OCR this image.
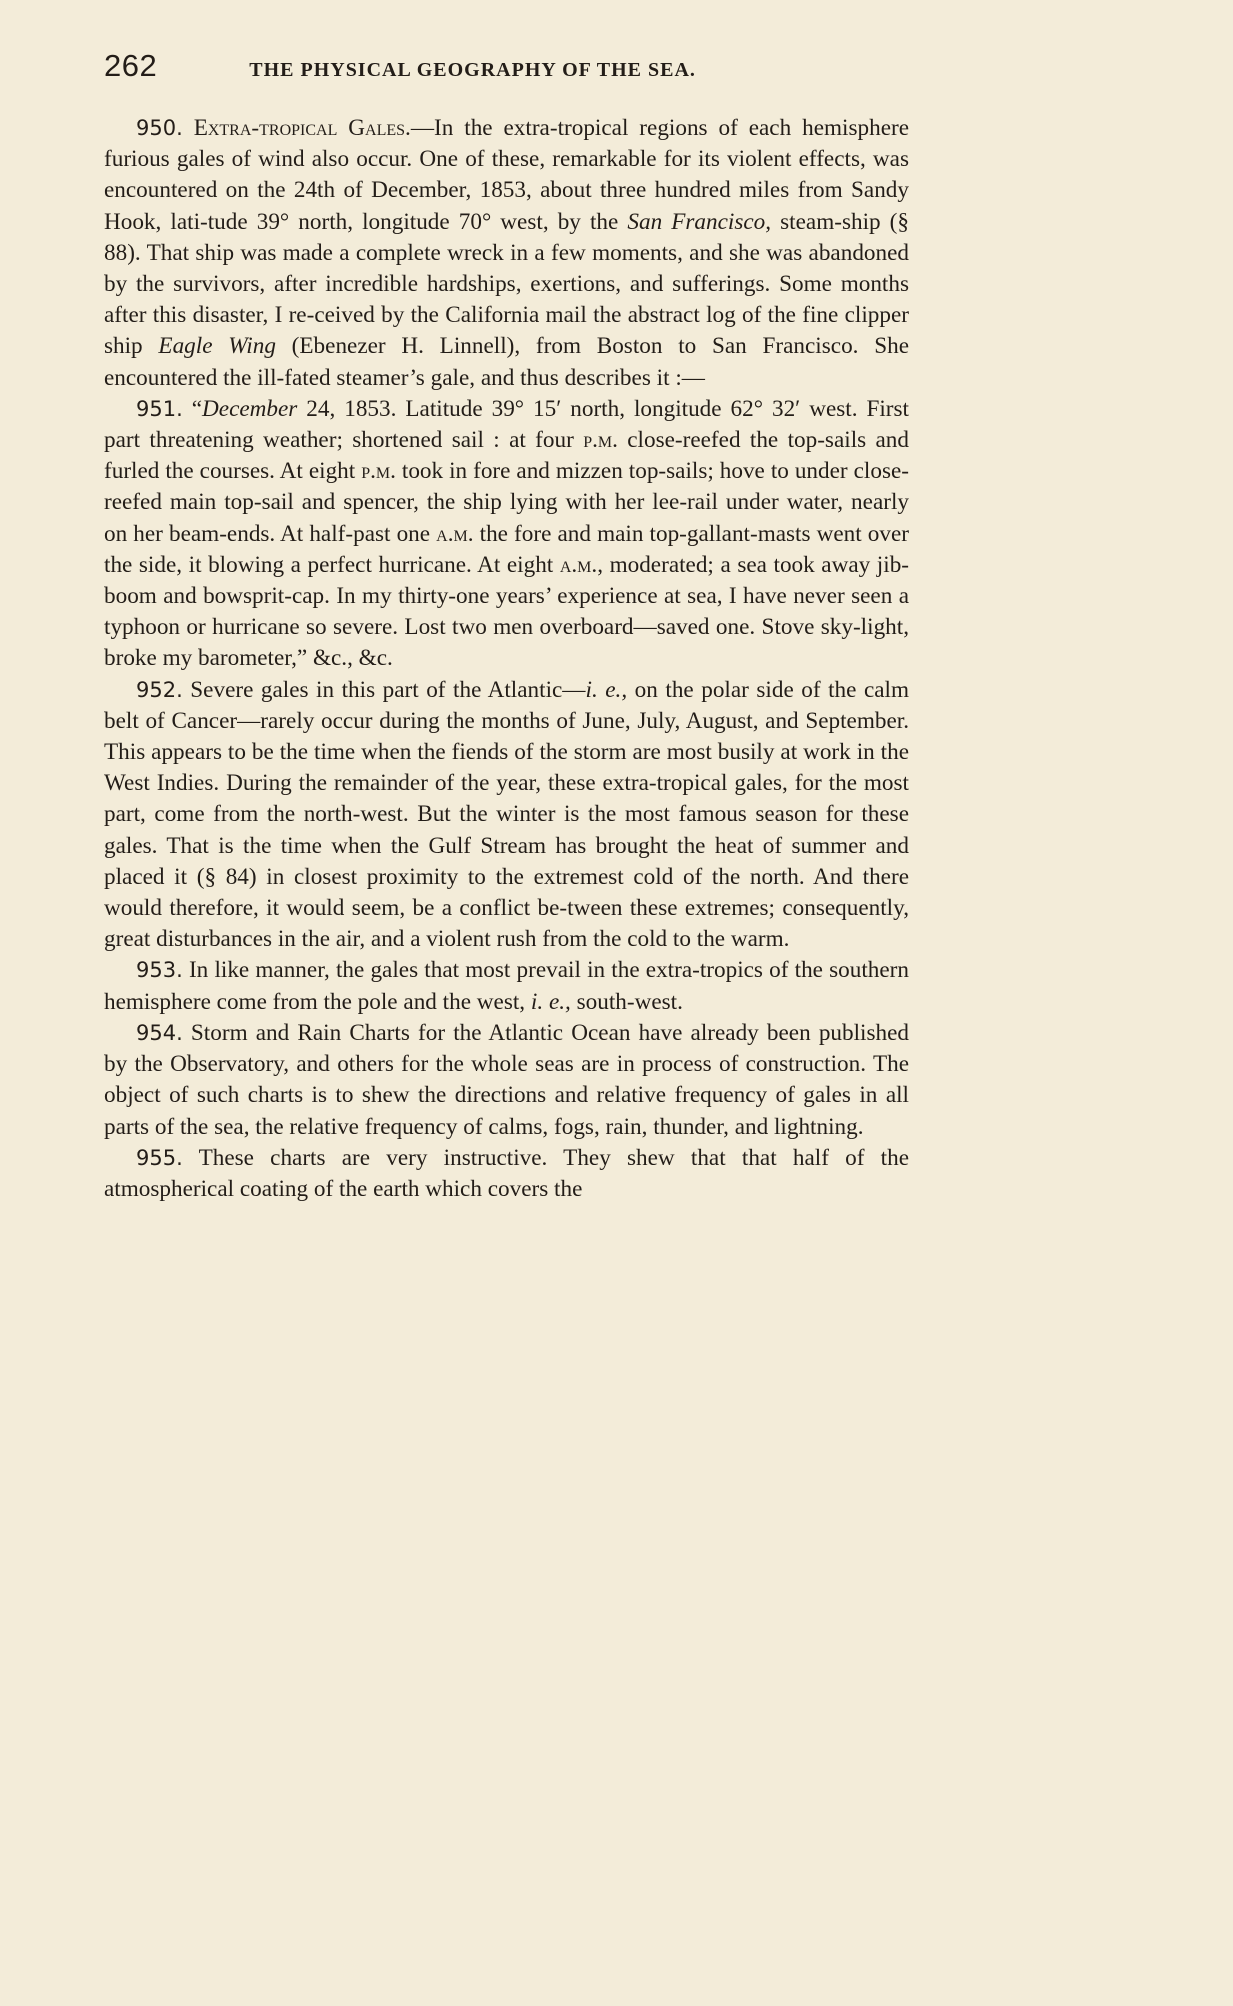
262	THE PHYSICAL GEOGRAPHY OF THE SEA.

950. Extra-tropical Gales.—In the extra-tropical regions of each hemisphere furious gales of wind also occur. One of these, remarkable for its violent effects, was encountered on the 24th of December, 1853, about three hundred miles from Sandy Hook, lati-tude 39° north, longitude 70° west, by the San Francisco, steam-ship (§ 88). That ship was made a complete wreck in a few moments, and she was abandoned by the survivors, after incredible hardships, exertions, and sufferings. Some months after this disaster, I re-ceived by the California mail the abstract log of the fine clipper ship Eagle Wing (Ebenezer H. Linnell), from Boston to San Francisco. She encountered the ill-fated steamer’s gale, and thus describes it :—

951. “December 24, 1853. Latitude 39° 15′ north, longitude 62° 32′ west. First part threatening weather; shortened sail : at four p.m. close-reefed the top-sails and furled the courses. At eight p.m. took in fore and mizzen top-sails; hove to under close-reefed main top-sail and spencer, the ship lying with her lee-rail under water, nearly on her beam-ends. At half-past one a.m. the fore and main top-gallant-masts went over the side, it blowing a perfect hurricane. At eight a.m., moderated; a sea took away jib-boom and bowsprit-cap. In my thirty-one years’ experience at sea, I have never seen a typhoon or hurricane so severe. Lost two men overboard—saved one. Stove sky-light, broke my barometer,” &c., &c.

952. Severe gales in this part of the Atlantic—i. e., on the polar side of the calm belt of Cancer—rarely occur during the months of June, July, August, and September. This appears to be the time when the fiends of the storm are most busily at work in the West Indies. During the remainder of the year, these extra-tropical gales, for the most part, come from the north-west. But the winter is the most famous season for these gales. That is the time when the Gulf Stream has brought the heat of summer and placed it (§ 84) in closest proximity to the extremest cold of the north. And there would therefore, it would seem, be a conflict be-tween these extremes; consequently, great disturbances in the air, and a violent rush from the cold to the warm.

953. In like manner, the gales that most prevail in the extra-tropics of the southern hemisphere come from the pole and the west, i. e., south-west.

954. Storm and Rain Charts for the Atlantic Ocean have already been published by the Observatory, and others for the whole seas are in process of construction. The object of such charts is to shew the directions and relative frequency of gales in all parts of the sea, the relative frequency of calms, fogs, rain, thunder, and lightning.

955. These charts are very instructive. They shew that that half of the atmospherical coating of the earth which covers the
